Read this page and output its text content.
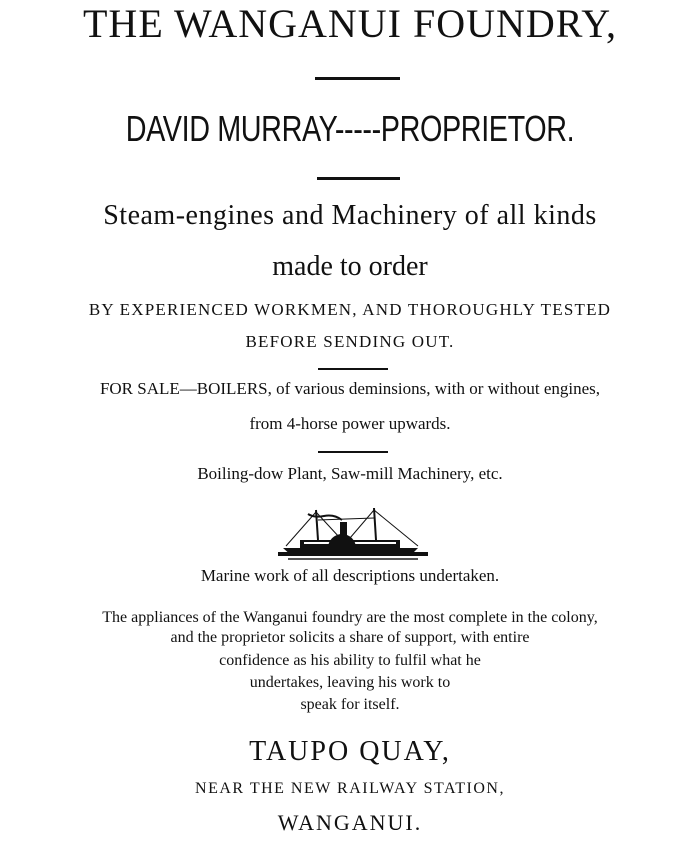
THE WANGANUI FOUNDRY,
DAVID MURRAY-----PROPRIETOR.
Steam-engines and Machinery of all kinds
made to order
BY EXPERIENCED WORKMEN, AND THOROUGHLY TESTED
BEFORE SENDING OUT.
FOR SALE—BOILERS, of various deminsions, with or without engines,
from 4-horse power upwards.
Boiling-dow Plant, Saw-mill Machinery, etc.
Marine work of all descriptions undertaken.
The appliances of the Wanganui foundry are the most complete in the colony,
and the proprietor solicits a share of support, with entire
confidence as his ability to fulfil what he
undertakes, leaving his work to
speak for itself.
TAUPO QUAY,
NEAR THE NEW RAILWAY STATION,
WANGANUI.
